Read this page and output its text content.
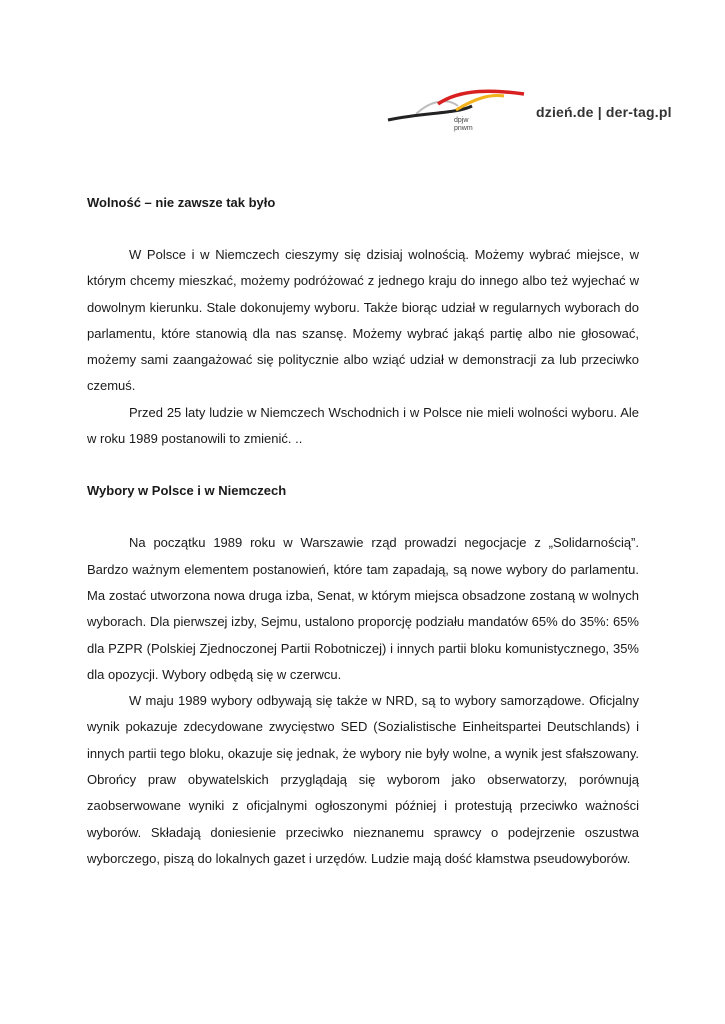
dpjw
pnwm
dzień.de | der-tag.pl
Wolność – nie zawsze tak było

W Polsce i w Niemczech cieszymy się dzisiaj wolnością. Możemy wybrać miejsce, w którym chcemy mieszkać, możemy podróżować z jednego kraju do innego albo też wyjechać w dowolnym kierunku. Stale dokonujemy wyboru. Także biorąc udział w regularnych wyborach do parlamentu, które stanowią dla nas szansę. Możemy wybrać jakąś partię albo nie głosować, możemy sami zaangażować się politycznie albo wziąć udział w demonstracji za lub przeciwko czemuś.

Przed 25 laty ludzie w Niemczech Wschodnich i w Polsce nie mieli wolności wyboru. Ale w roku 1989 postanowili to zmienić. ..

Wybory w Polsce i w Niemczech

Na początku 1989 roku w Warszawie rząd prowadzi negocjacje z „Solidarnością”. Bardzo ważnym elementem postanowień, które tam zapadają, są nowe wybory do parlamentu. Ma zostać utworzona nowa druga izba, Senat, w którym miejsca obsadzone zostaną w wolnych wyborach. Dla pierwszej izby, Sejmu, ustalono proporcję podziału mandatów 65% do 35%: 65% dla PZPR (Polskiej Zjednoczonej Partii Robotniczej) i innych partii bloku komunistycznego, 35% dla opozycji. Wybory odbędą się w czerwcu.

W maju 1989 wybory odbywają się także w NRD, są to wybory samorządowe. Oficjalny wynik pokazuje zdecydowane zwycięstwo SED (Sozialistische Einheitspartei Deutschlands) i innych partii tego bloku, okazuje się jednak, że wybory nie były wolne, a wynik jest sfałszowany. Obrońcy praw obywatelskich przyglądają się wyborom jako obserwatorzy, porównują zaobserwowane wyniki z oficjalnymi ogłoszonymi później i protestują przeciwko ważności wyborów. Składają doniesienie przeciwko nieznanemu sprawcy o podejrzenie oszustwa wyborczego, piszą do lokalnych gazet i urzędów. Ludzie mają dość kłamstwa pseudowyborów.
